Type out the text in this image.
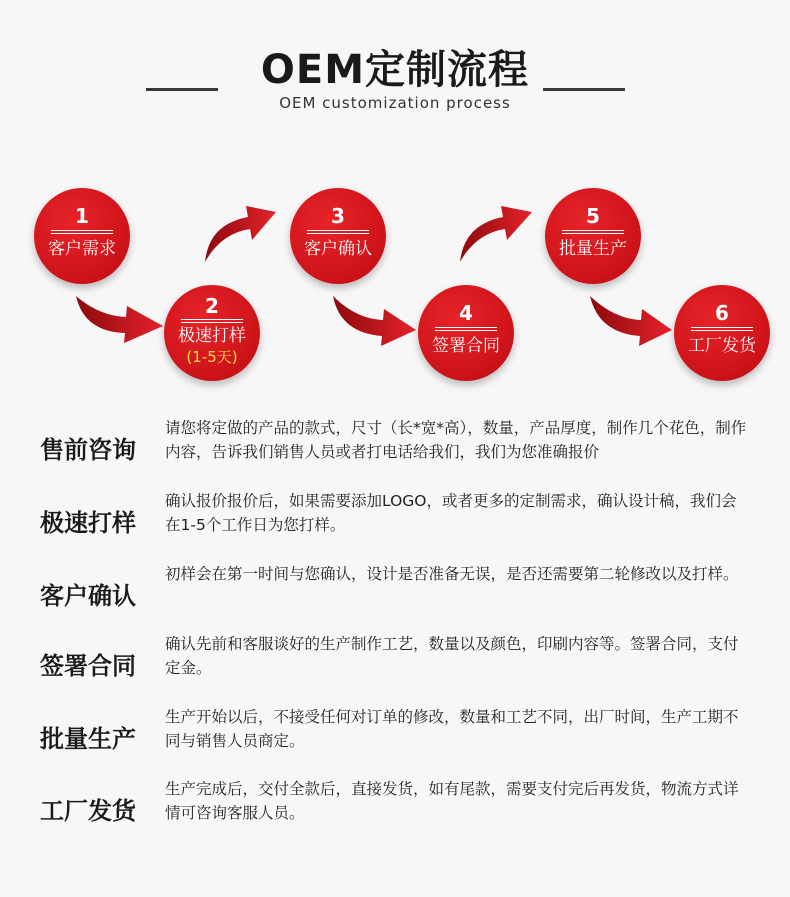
OEM定制流程
OEM customization process
1
客户需求
2
极速打样
(1-5天)
3
客户确认
4
签署合同
5
批量生产
6
工厂发货
售前咨询
请您将定做的产品的款式，尺寸（长*宽*高），数量，产品厚度，制作几个花色，制作内容，告诉我们销售人员或者打电话给我们，我们为您准确报价
极速打样
确认报价报价后，如果需要添加LOGO，或者更多的定制需求，确认设计稿，我们会在1-5个工作日为您打样。
客户确认
初样会在第一时间与您确认，设计是否准备无误，是否还需要第二轮修改以及打样。
签署合同
确认先前和客服谈好的生产制作工艺，数量以及颜色，印刷内容等。签署合同，支付定金。
批量生产
生产开始以后，不接受任何对订单的修改，数量和工艺不同，出厂时间，生产工期不同与销售人员商定。
工厂发货
生产完成后，交付全款后，直接发货，如有尾款，需要支付完后再发货，物流方式详情可咨询客服人员。
